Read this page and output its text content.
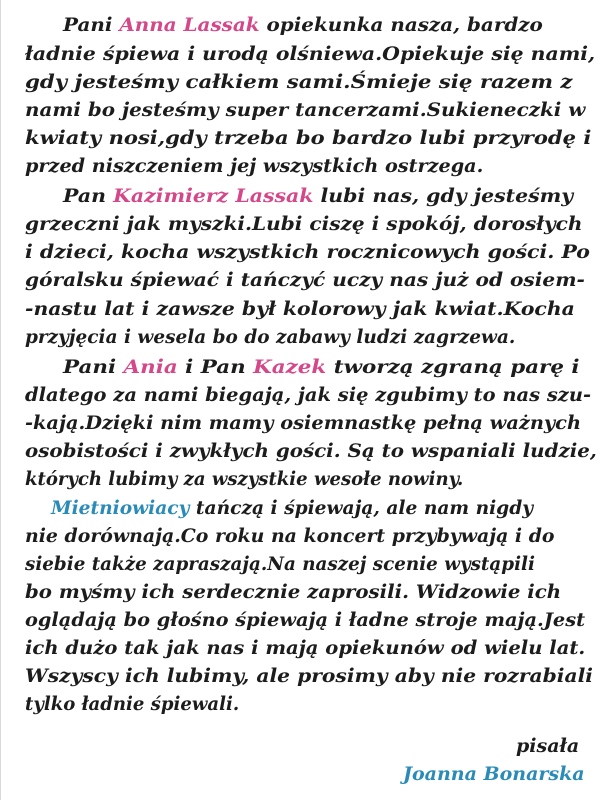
Pani Anna Lassak opiekunka nasza, bardzo
ładnie śpiewa i urodą olśniewa.Opiekuje się nami,
gdy jesteśmy całkiem sami.Śmieje się razem z
nami bo jesteśmy super tancerzami.Sukieneczki w
kwiaty nosi,gdy trzeba bo bardzo lubi przyrodę i
przed niszczeniem jej wszystkich ostrzega.
Pan Kazimierz Lassak lubi nas, gdy jesteśmy
grzeczni jak myszki.Lubi ciszę i spokój, dorosłych
i dzieci, kocha wszystkich rocznicowych gości. Po
góralsku śpiewać i tańczyć uczy nas już od osiem-
-nastu lat i zawsze był kolorowy jak kwiat.Kocha
przyjęcia i wesela bo do zabawy ludzi zagrzewa.
Pani Ania i Pan Kazek tworzą zgraną parę i
dlatego za nami biegają, jak się zgubimy to nas szu-
-kają.Dzięki nim mamy osiemnastkę pełną ważnych
osobistości i zwykłych gości. Są to wspaniali ludzie,
których lubimy za wszystkie wesołe nowiny.
Mietniowiacy tańczą i śpiewają, ale nam nigdy
nie dorównają.Co roku na koncert przybywają i do
siebie także zapraszają.Na naszej scenie wystąpili
bo myśmy ich serdecznie zaprosili. Widzowie ich
oglądają bo głośno śpiewają i ładne stroje mają.Jest
ich dużo tak jak nas i mają opiekunów od wielu lat.
Wszyscy ich lubimy, ale prosimy aby nie rozrabiali
tylko ładnie śpiewali.
pisała
Joanna Bonarska
